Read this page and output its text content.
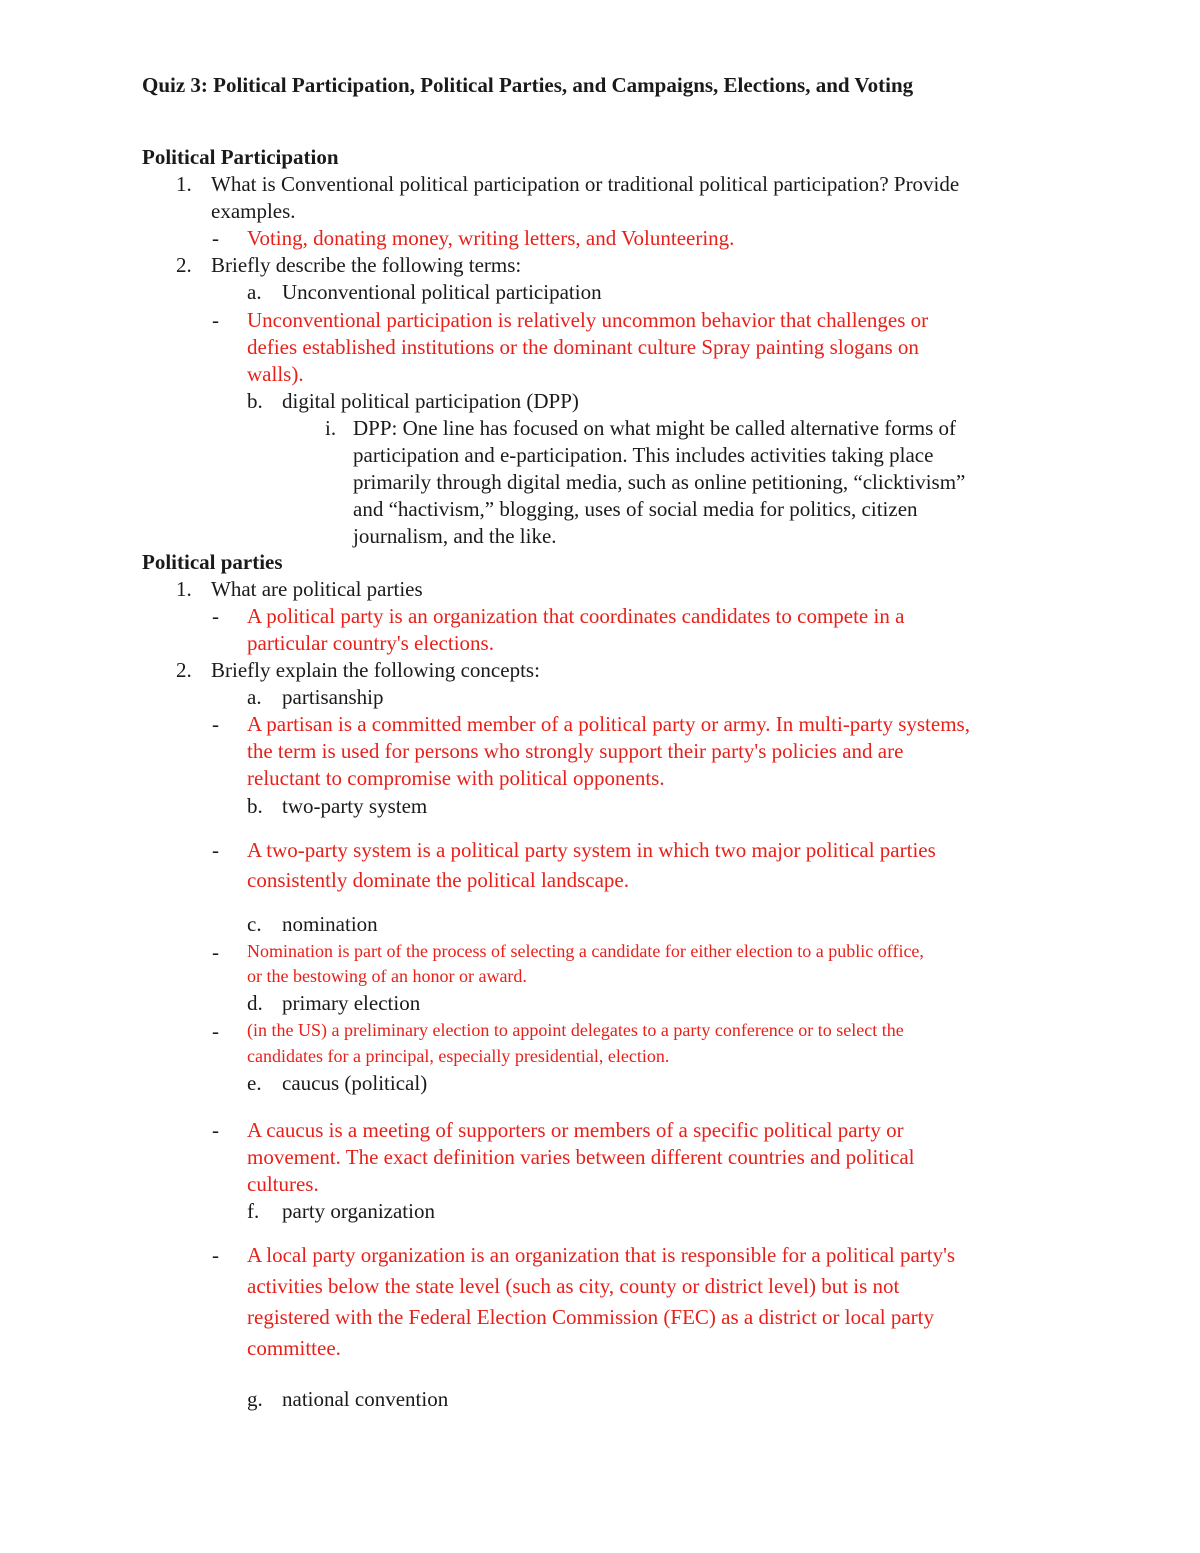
Quiz 3: Political Participation, Political Parties, and Campaigns, Elections, and Voting
Political Participation
1. What is Conventional political participation or traditional political participation? Provide
examples.
- Voting, donating money, writing letters, and Volunteering.
2. Briefly describe the following terms:
a. Unconventional political participation
- Unconventional participation is relatively uncommon behavior that challenges or
defies established institutions or the dominant culture Spray painting slogans on
walls).
b. digital political participation (DPP)
i. DPP: One line has focused on what might be called alternative forms of
participation and e-participation. This includes activities taking place
primarily through digital media, such as online petitioning, “clicktivism”
and “hactivism,” blogging, uses of social media for politics, citizen
journalism, and the like.
Political parties
1. What are political parties
- A political party is an organization that coordinates candidates to compete in a
particular country's elections.
2. Briefly explain the following concepts:
a. partisanship
- A partisan is a committed member of a political party or army. In multi-party systems,
the term is used for persons who strongly support their party's policies and are
reluctant to compromise with political opponents.
b. two-party system
- A two-party system is a political party system in which two major political parties
consistently dominate the political landscape.
c. nomination
- Nomination is part of the process of selecting a candidate for either election to a public office,
or the bestowing of an honor or award.
d. primary election
- (in the US) a preliminary election to appoint delegates to a party conference or to select the
candidates for a principal, especially presidential, election.
e. caucus (political)
- A caucus is a meeting of supporters or members of a specific political party or
movement. The exact definition varies between different countries and political
cultures.
f. party organization
- A local party organization is an organization that is responsible for a political party's
activities below the state level (such as city, county or district level) but is not
registered with the Federal Election Commission (FEC) as a district or local party
committee.
g. national convention
